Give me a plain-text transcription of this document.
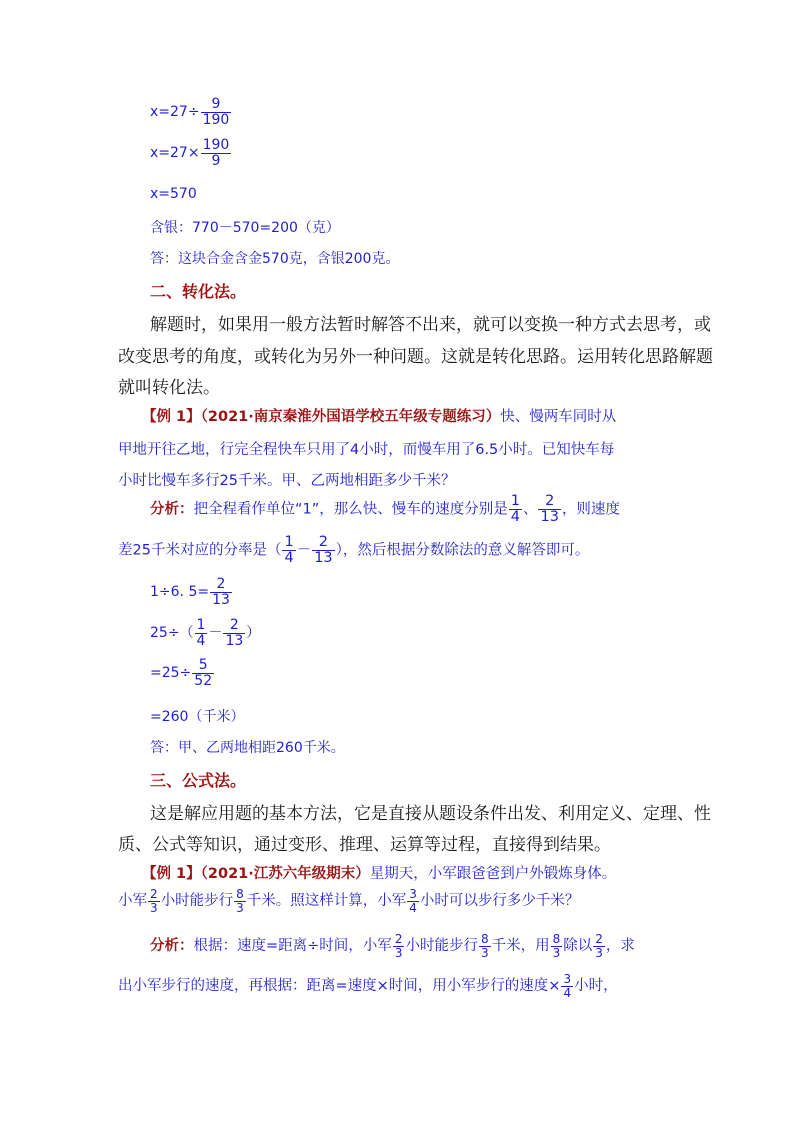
$x=27\div \frac{9}{190}$
$x=27\times \frac{190}{9}$
x=570
含银：770－570=200（克）
答：这块合金含金570克，含银200克。
二、转化法。
解题时，如果用一般方法暂时解答不出来，就可以变换一种方式去思考，或
改变思考的角度，或转化为另外一种问题。这就是转化思路。运用转化思路解题
就叫转化法。
【例 1】（2021·南京秦淮外国语学校五年级专题练习）快、慢两车同时从
甲地开往乙地，行完全程快车只用了4小时，而慢车用了6.5小时。已知快车每
小时比慢车多行25千米。甲、乙两地相距多少千米？
分析：把全程看作单位“1”，那么快、慢车的速度分别是 $\frac{1}{4}$ 、 $\frac{2}{13}$ ，则速度
差25千米对应的分率是（ $\frac{1}{4} - \frac{2}{13}$ ），然后根据分数除法的意义解答即可。
1÷6. $5= \frac{2}{13}$
$25\div( \frac{1}{4} - \frac{2}{13}$ ）
$=25\div \frac{5}{52}$
=260（千米）
答：甲、乙两地相距260千米。
三、公式法。
这是解应用题的基本方法，它是直接从题设条件出发、利用定义、定理、性
质、公式等知识，通过变形、推理、运算等过程，直接得到结果。
【例 1】（2021·江苏六年级期末）星期天，小军跟爸爸到户外锻炼身体。
小军 $\frac{2}{3}$ 小时能步行 $\frac{8}{3}$ 千米。照这样计算，小军 $\frac{3}{4}$ 小时可以步行多少千米？
分析：根据：速度=距离÷时间，小军 $\frac{2}{3}$ 小时能步行 $\frac{8}{3}$ 千米，用 $\frac{8}{3}$ 除以 $\frac{2}{3}$ ，求
出小军步行的速度，再根据：距离=速度×时间，用小军步行的速度× $\frac{3}{4}$ 小时，
